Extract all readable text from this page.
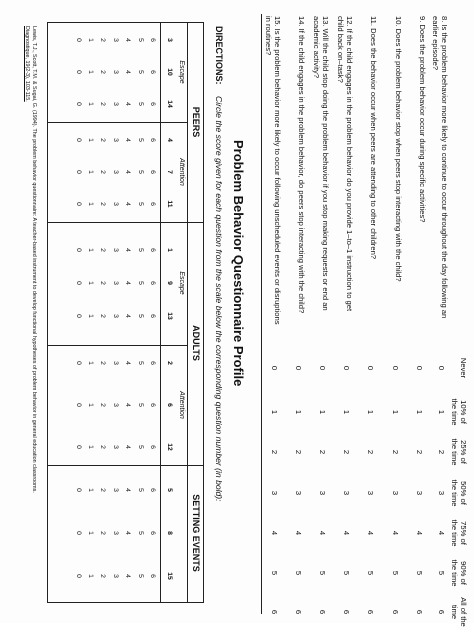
Never
10% of
the time
25% of
the time
50% of
the time
75% of
the time
90% of
the time
All of the
time
8. Is the problem behavior more likely to continue to occur throughout the day following an earlier episode?
0
1
2
3
4
5
6
9. Does the problem behavior occur during specific activities?
0
1
2
3
4
5
6
10. Does the problem behavior stop when peers stop interacting with the child?
0
1
2
3
4
5
6
11. Does the behavior occur when peers are attending to other children?
0
1
2
3
4
5
6
12. If the child engages in the problem behavior do you provide 1–to–1 instruction to get child back on–task?
0
1
2
3
4
5
6
13. Will the child stop doing the problem behavior if you stop making requests or end an academic activity?
0
1
2
3
4
5
6
14. If the child engages in the problem behavior, do peers stop interacting with the child?
0
1
2
3
4
5
6
15. Is the problem behavior more likely to occur following unscheduled events or disruptions in routines?
0
1
2
3
4
5
6
Problem Behavior Questionnaire Profile
DIRECTIONS:
Circle the score given for each question from the scale below the corresponding question number (in bold):
PEERS
ADULTS
SETTING EVENTS
Escape
Attention
Escape
Attention
3
6
5
4
3
2
1
0
10
6
5
4
3
2
1
0
14
6
5
4
3
2
1
0
4
6
5
4
3
2
1
0
7
6
5
4
3
2
1
0
11
6
5
4
3
2
1
0
1
6
5
4
3
2
1
0
9
6
5
4
3
2
1
0
13
6
5
4
3
2
1
0
2
6
5
4
3
2
1
0
6
6
5
4
3
2
1
0
12
6
5
4
3
2
1
0
5
6
5
4
3
2
1
0
8
6
5
4
3
2
1
0
15
6
5
4
3
2
1
0
Lewis, T.J., Scott, T.M. & Sugai, G. (1994). The problem behavior questionnaire: A teacher-based instrument to develop functional hypotheses of problem behavior in general education classrooms.
Diagnostique, 19(2-3), 103-115.
